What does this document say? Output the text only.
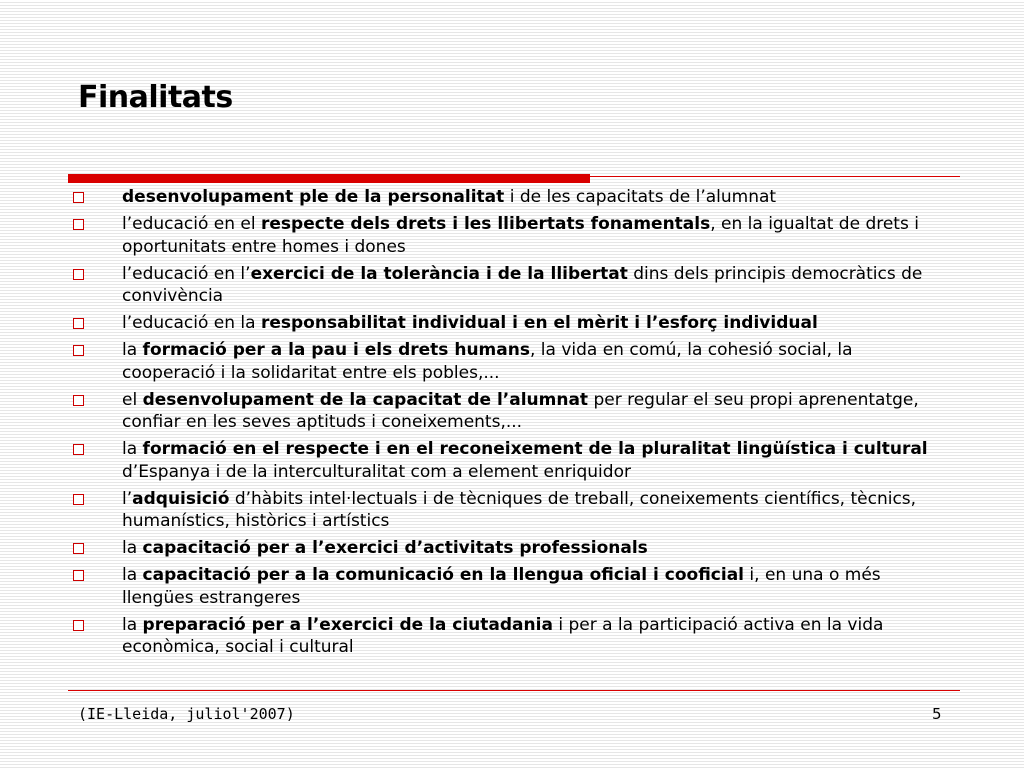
Finalitats
desenvolupament ple de la personalitat i de les capacitats de l’alumnat
l’educació en el respecte dels drets i les llibertats fonamentals, en la igualtat de drets i oportunitats entre homes i dones
l’educació en l’exercici de la tolerància i de la llibertat dins dels principis democràtics de convivència
l’educació en la responsabilitat individual i en el mèrit i l’esforç individual
la formació per a la pau i els drets humans, la vida en comú, la cohesió social, la cooperació i la solidaritat entre els pobles,...
el desenvolupament de la capacitat de l’alumnat per regular el seu propi aprenentatge, confiar en les seves aptituds i coneixements,...
la formació en el respecte i en el reconeixement de la pluralitat lingüística i cultural d’Espanya i de la interculturalitat com a element enriquidor
l’adquisició d’hàbits intel·lectuals i de tècniques de treball, coneixements científics, tècnics, humanístics, històrics i artístics
la capacitació per a l’exercici d’activitats professionals
la capacitació per a la comunicació en la llengua oficial i cooficial i, en una o més llengües estrangeres
la preparació per a l’exercici de la ciutadania i per a la participació activa en la vida econòmica, social i cultural
(IE-Lleida, juliol'2007)	5
